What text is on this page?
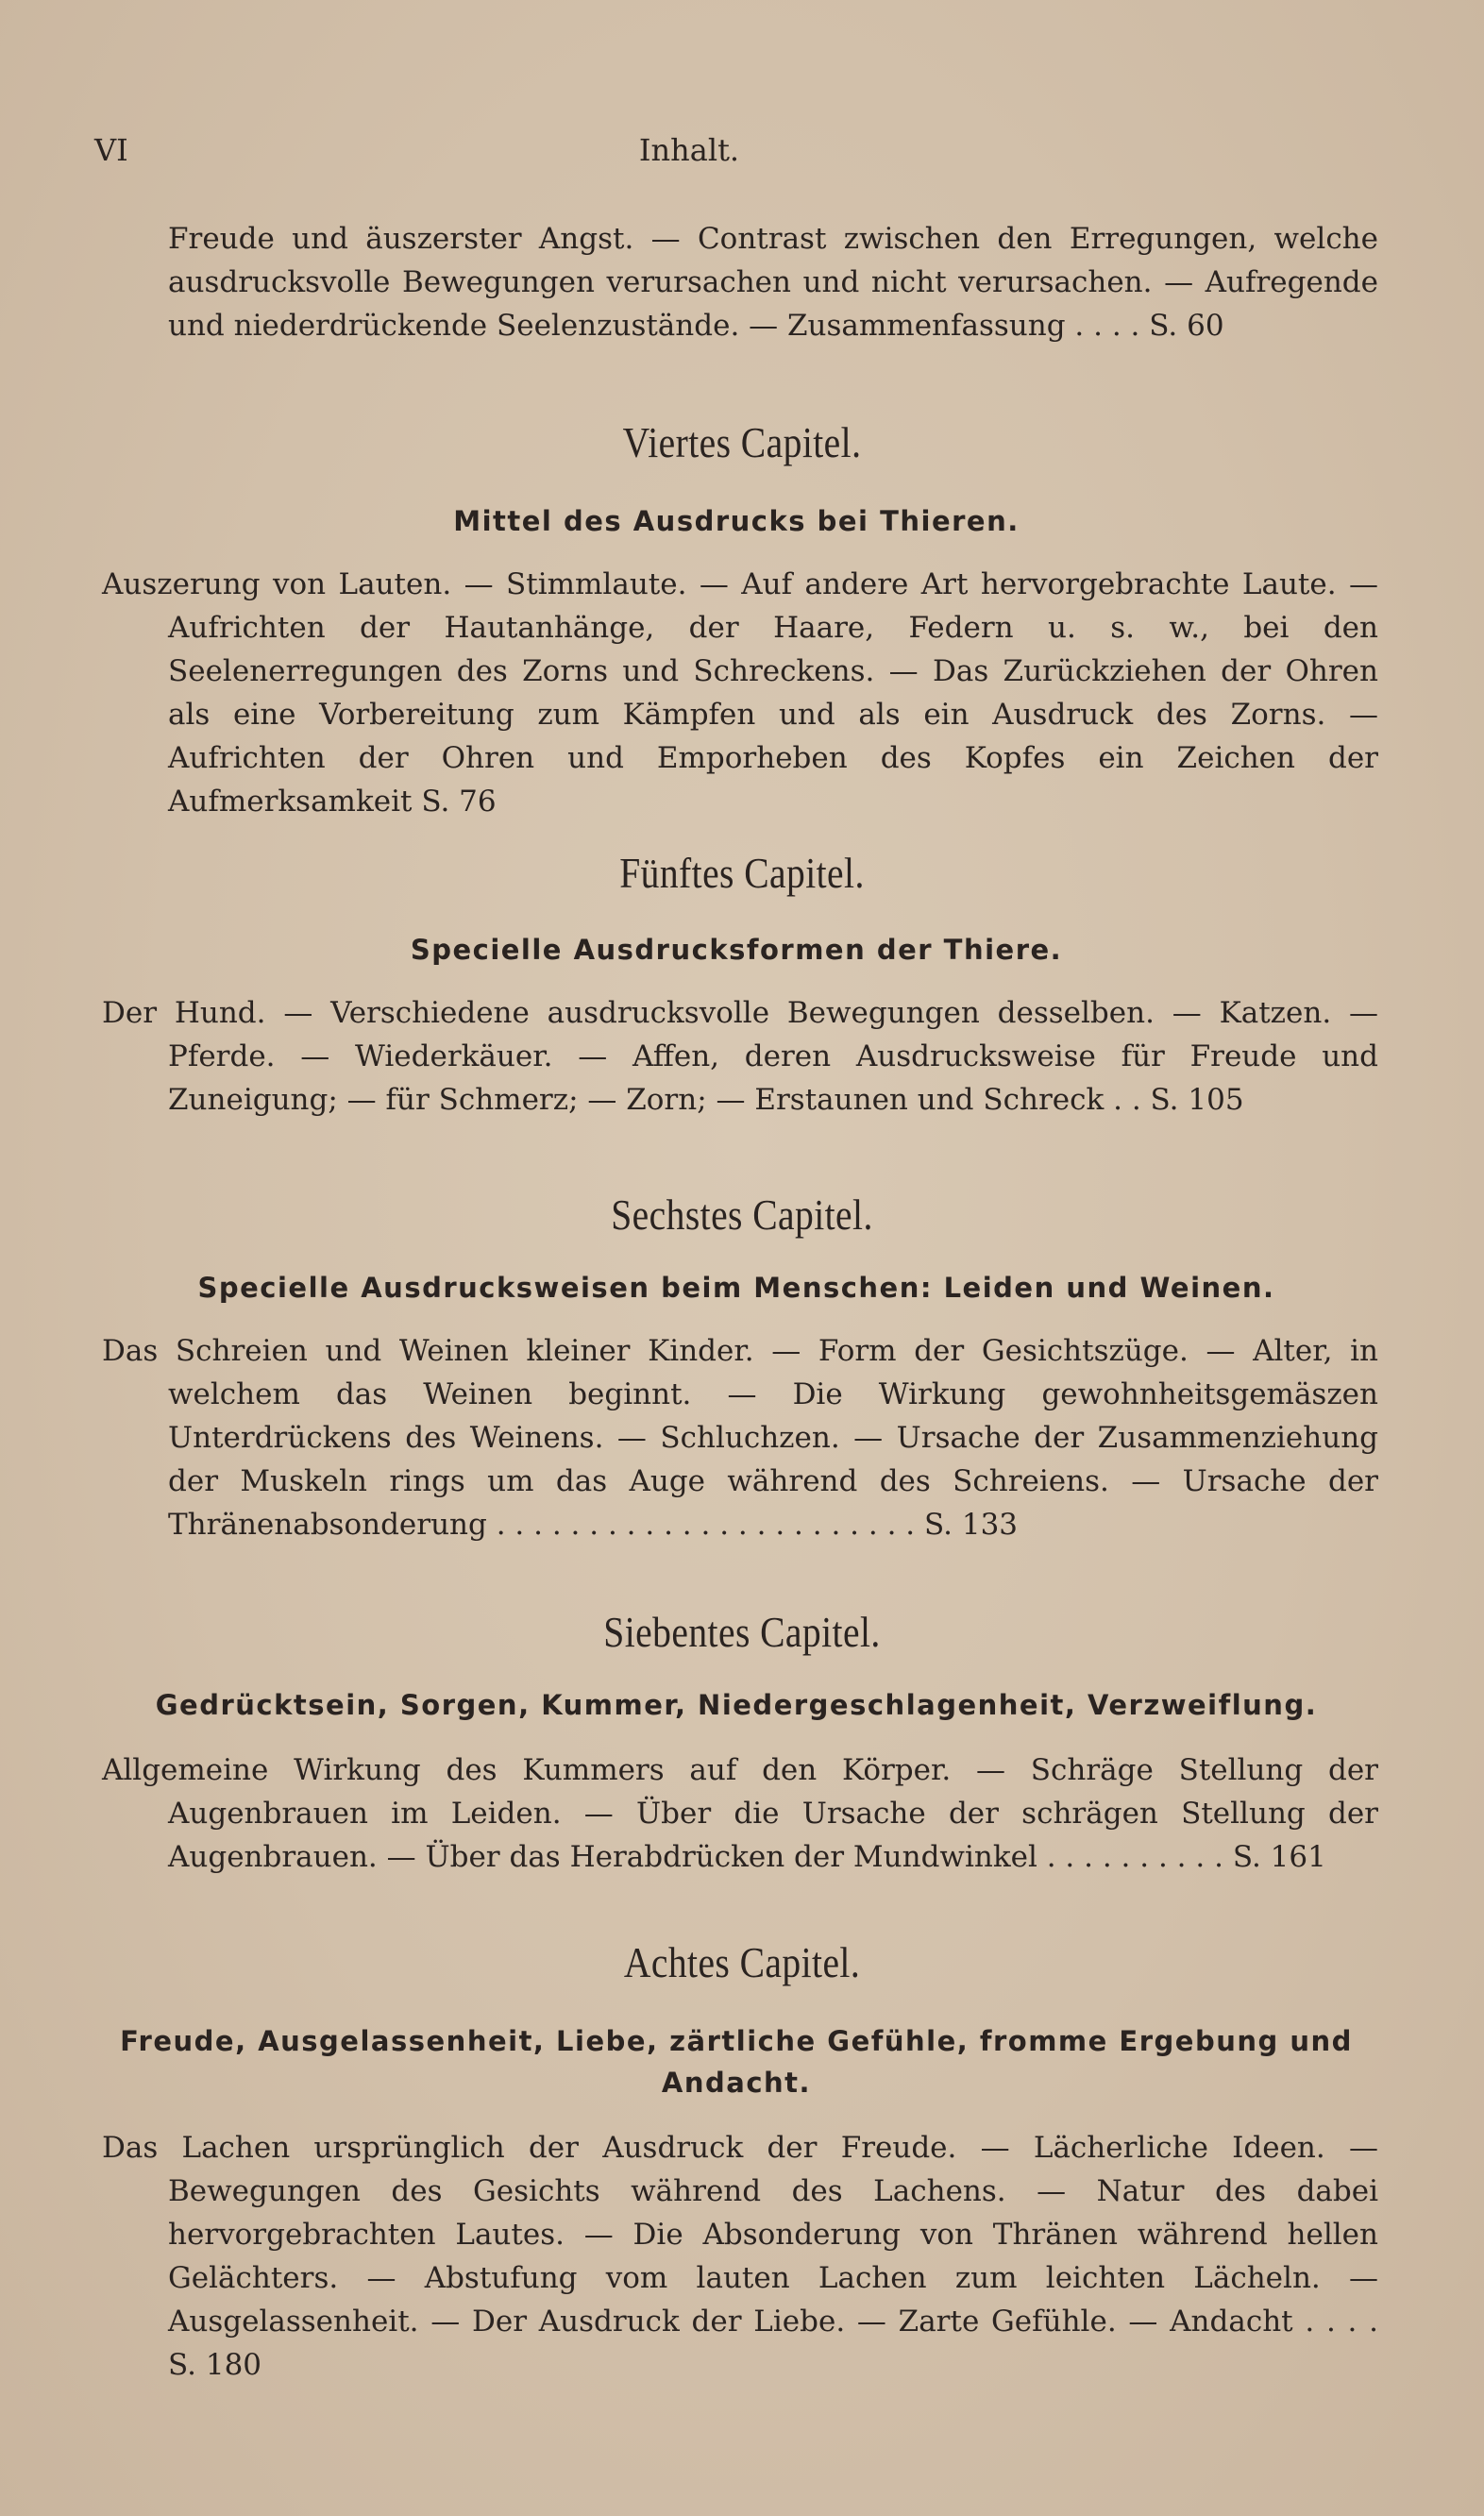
VI	Inhalt.

Freude und äuszerster Angst. — Contrast zwischen den Erregungen, welche ausdrucksvolle Bewegungen verursachen und nicht verursachen. — Aufregende und niederdrückende Seelenzustände. — Zusammenfassung . . . . S. 60

Viertes Capitel.
Mittel des Ausdrucks bei Thieren.

Auszerung von Lauten. — Stimmlaute. — Auf andere Art hervorgebrachte Laute. — Aufrichten der Hautanhänge, der Haare, Federn u. s. w., bei den Seelenerregungen des Zorns und Schreckens. — Das Zurückziehen der Ohren als eine Vorbereitung zum Kämpfen und als ein Ausdruck des Zorns. — Aufrichten der Ohren und Emporheben des Kopfes ein Zeichen der Aufmerksamkeit S. 76

Fünftes Capitel.
Specielle Ausdrucksformen der Thiere.

Der Hund. — Verschiedene ausdrucksvolle Bewegungen desselben. — Katzen. — Pferde. — Wiederkäuer. — Affen, deren Ausdrucksweise für Freude und Zuneigung; — für Schmerz; — Zorn; — Erstaunen und Schreck . . S. 105

Sechstes Capitel.
Specielle Ausdrucksweisen beim Menschen: Leiden und Weinen.

Das Schreien und Weinen kleiner Kinder. — Form der Gesichtszüge. — Alter, in welchem das Weinen beginnt. — Die Wirkung gewohnheitsgemäszen Unterdrückens des Weinens. — Schluchzen. — Ursache der Zusammenziehung der Muskeln rings um das Auge während des Schreiens. — Ursache der Thränenabsonderung . . . . . . . . . . . . . . . . . . . . . . . S. 133

Siebentes Capitel.
Gedrücktsein, Sorgen, Kummer, Niedergeschlagenheit, Verzweiflung.

Allgemeine Wirkung des Kummers auf den Körper. — Schräge Stellung der Augenbrauen im Leiden. — Über die Ursache der schrägen Stellung der Augenbrauen. — Über das Herabdrücken der Mundwinkel . . . . . . . . . . S. 161

Achtes Capitel.
Freude, Ausgelassenheit, Liebe, zärtliche Gefühle, fromme Ergebung und Andacht.

Das Lachen ursprünglich der Ausdruck der Freude. — Lächerliche Ideen. — Bewegungen des Gesichts während des Lachens. — Natur des dabei hervorgebrachten Lautes. — Die Absonderung von Thränen während hellen Gelächters. — Abstufung vom lauten Lachen zum leichten Lächeln. — Ausgelassenheit. — Der Ausdruck der Liebe. — Zarte Gefühle. — Andacht . . . . S. 180
